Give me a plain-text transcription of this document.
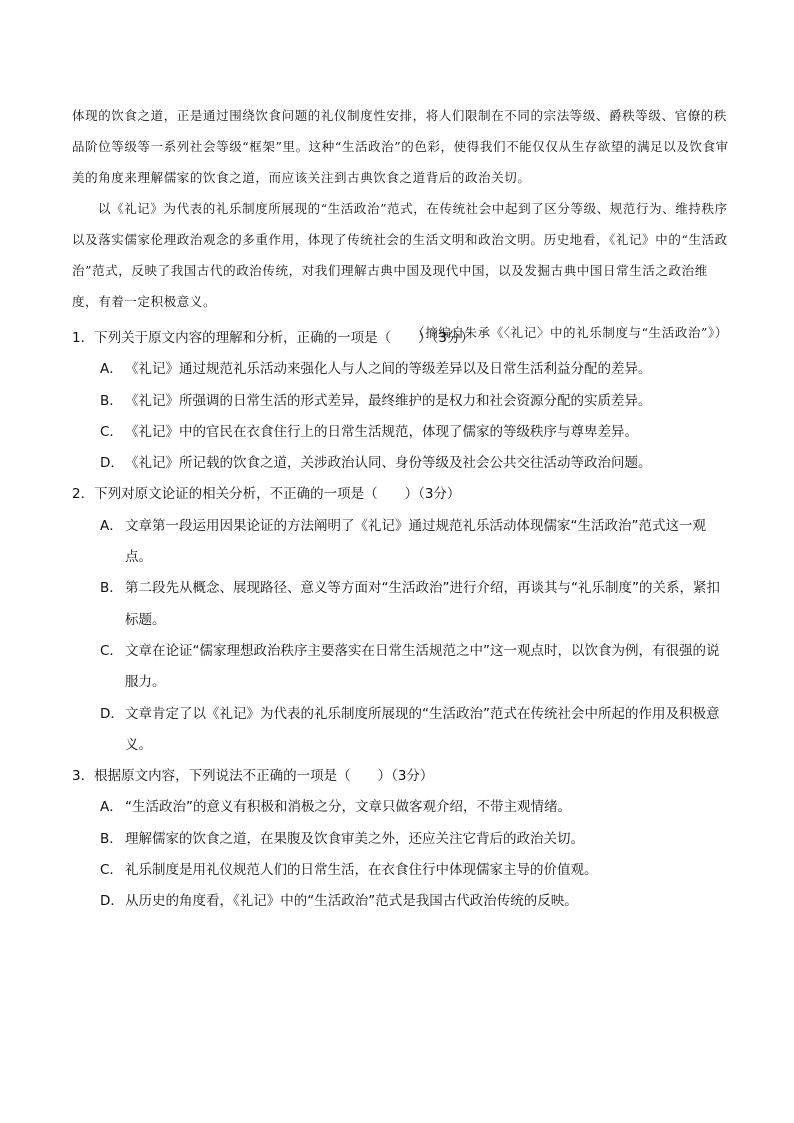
体现的饮食之道，正是通过围绕饮食问题的礼仪制度性安排，将人们限制在不同的宗法等级、爵秩等级、官僚的秩品阶位等级等一系列社会等级“框架”里。这种“生活政治”的色彩，使得我们不能仅仅从生存欲望的满足以及饮食审美的角度来理解儒家的饮食之道，而应该关注到古典饮食之道背后的政治关切。

以《礼记》为代表的礼乐制度所展现的“生活政治”范式，在传统社会中起到了区分等级、规范行为、维持秩序以及落实儒家伦理政治观念的多重作用，体现了传统社会的生活文明和政治文明。历史地看，《礼记》中的“生活政治”范式，反映了我国古代的政治传统，对我们理解古典中国及现代中国，以及发掘古典中国日常生活之政治维度，有着一定积极意义。

（摘编自朱承《〈礼记〉中的礼乐制度与“生活政治”》）

1．下列关于原文内容的理解和分析，正确的一项是（　　）（3分）

A． 《礼记》通过规范礼乐活动来强化人与人之间的等级差异以及日常生活利益分配的差异。

B． 《礼记》所强调的日常生活的形式差异，最终维护的是权力和社会资源分配的实质差异。

C． 《礼记》中的官民在衣食住行上的日常生活规范，体现了儒家的等级秩序与尊卑差异。

D．《礼记》所记载的饮食之道，关涉政治认同、身份等级及社会公共交往活动等政治问题。

2．下列对原文论证的相关分析，不正确的一项是（　　）（3分）

A． 文章第一段运用因果论证的方法阐明了《礼记》通过规范礼乐活动体现儒家“生活政治”范式这一观点。

B． 第二段先从概念、展现路径、意义等方面对“生活政治”进行介绍，再谈其与“礼乐制度”的关系，紧扣标题。

C． 文章在论证“儒家理想政治秩序主要落实在日常生活规范之中”这一观点时，以饮食为例，有很强的说服力。

D．文章肯定了以《礼记》为代表的礼乐制度所展现的“生活政治”范式在传统社会中所起的作用及积极意义。

3．根据原文内容，下列说法不正确的一项是（　　）（3分）

A． “生活政治”的意义有积极和消极之分，文章只做客观介绍，不带主观情绪。

B． 理解儒家的饮食之道，在果腹及饮食审美之外，还应关注它背后的政治关切。

C． 礼乐制度是用礼仪规范人们的日常生活，在衣食住行中体现儒家主导的价值观。

D．从历史的角度看，《礼记》中的“生活政治”范式是我国古代政治传统的反映。
